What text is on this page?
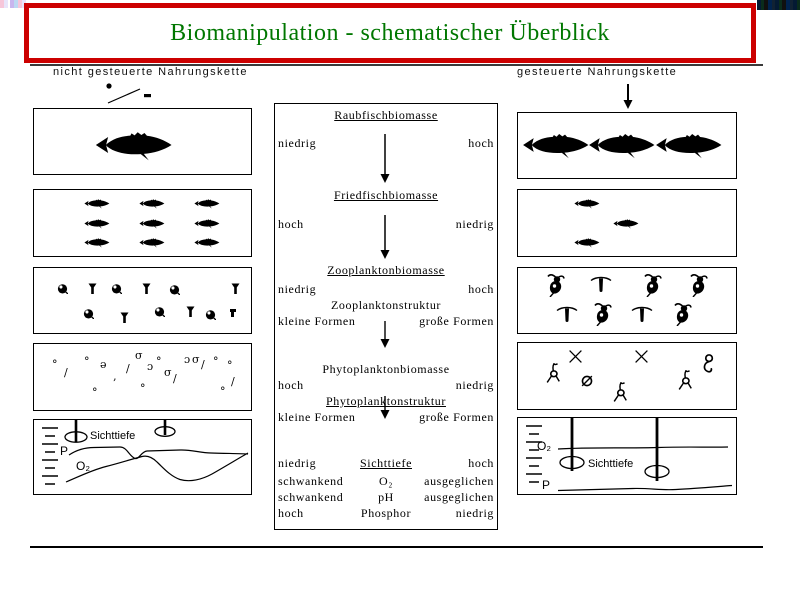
Biomanipulation - schematischer Überblick
nicht gesteuerte Nahrungskette	gesteuerte Nahrungskette
°
/
° ə
‚
/
σ
ɔ °
σ /
ɔ σ / ° °
°
°
/
°
Sichttiefe
P
O₂
Raubfischbiomasse
niedrig	hoch
Friedfischbiomasse
hoch	niedrig
Zooplanktonbiomasse
niedrig	hoch
Zooplanktonstruktur
kleine Formen	große Formen
Phytoplanktonbiomasse
hoch	niedrig
Phytoplanktonstruktur
kleine Formen	große Formen
niedrig	Sichttiefe	hoch
schwankend	O₂	ausgeglichen
schwankend	pH	ausgeglichen
hoch	Phosphor	niedrig
O₂
Sichttiefe
P
